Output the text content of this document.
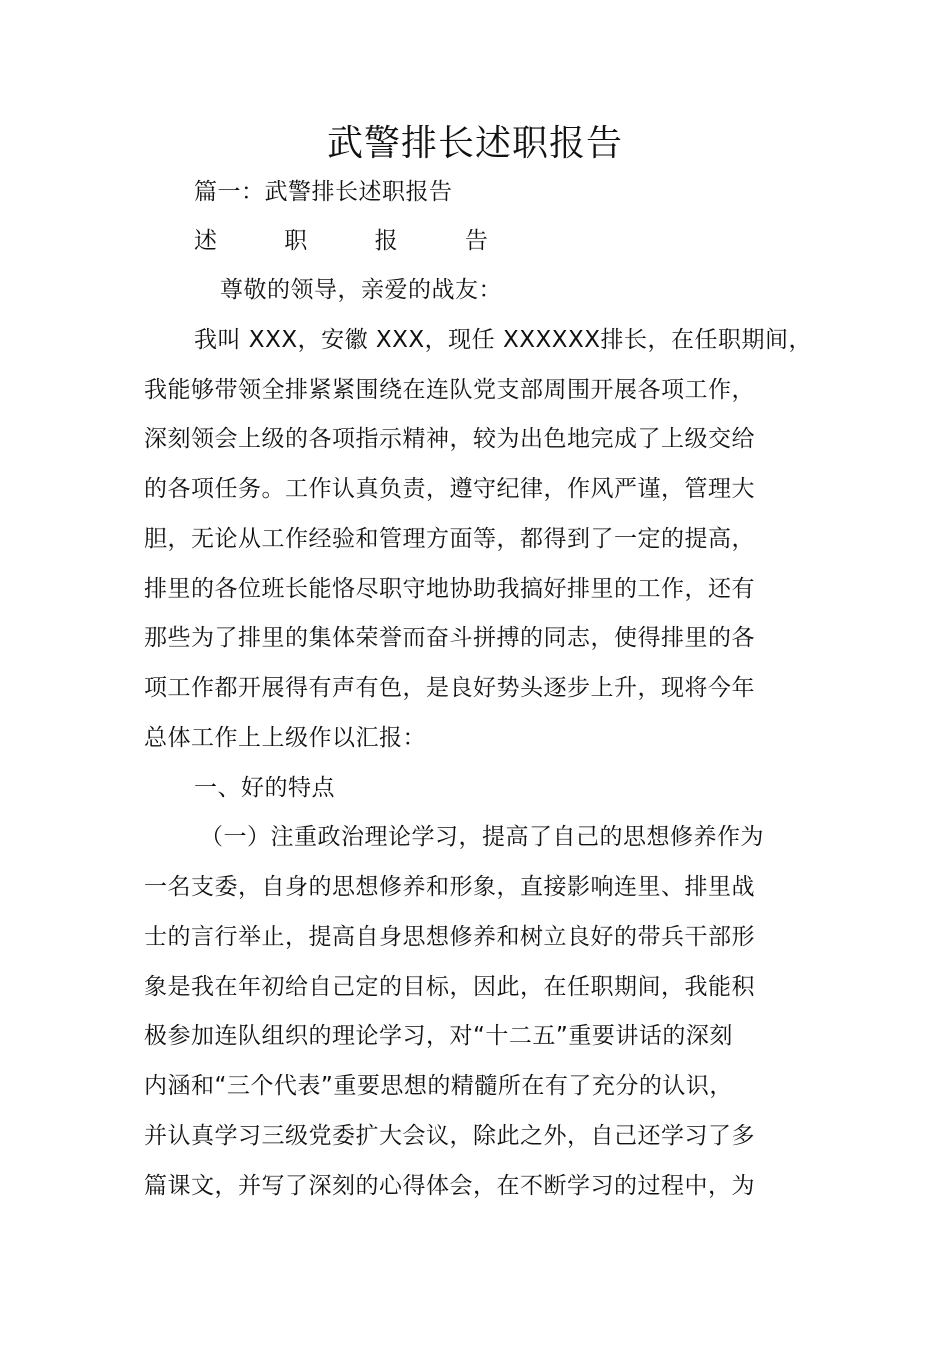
武警排长述职报告
篇一：武警排长述职报告
述 职 报 告
尊敬的领导，亲爱的战友：
我叫 XXX，安徽 XXX，现任 XXXXXX排长，在任职期间，
我能够带领全排紧紧围绕在连队党支部周围开展各项工作，
深刻领会上级的各项指示精神，较为出色地完成了上级交给
的各项任务。工作认真负责，遵守纪律，作风严谨，管理大
胆，无论从工作经验和管理方面等，都得到了一定的提高，
排里的各位班长能恪尽职守地协助我搞好排里的工作，还有
那些为了排里的集体荣誉而奋斗拼搏的同志，使得排里的各
项工作都开展得有声有色，是良好势头逐步上升，现将今年
总体工作上上级作以汇报：
一、好的特点
（一）注重政治理论学习，提高了自己的思想修养作为
一名支委，自身的思想修养和形象，直接影响连里、排里战
士的言行举止，提高自身思想修养和树立良好的带兵干部形
象是我在年初给自己定的目标，因此，在任职期间，我能积
极参加连队组织的理论学习，对“十二五”重要讲话的深刻
内涵和“三个代表”重要思想的精髓所在有了充分的认识，
并认真学习三级党委扩大会议，除此之外，自己还学习了多
篇课文，并写了深刻的心得体会，在不断学习的过程中，为
